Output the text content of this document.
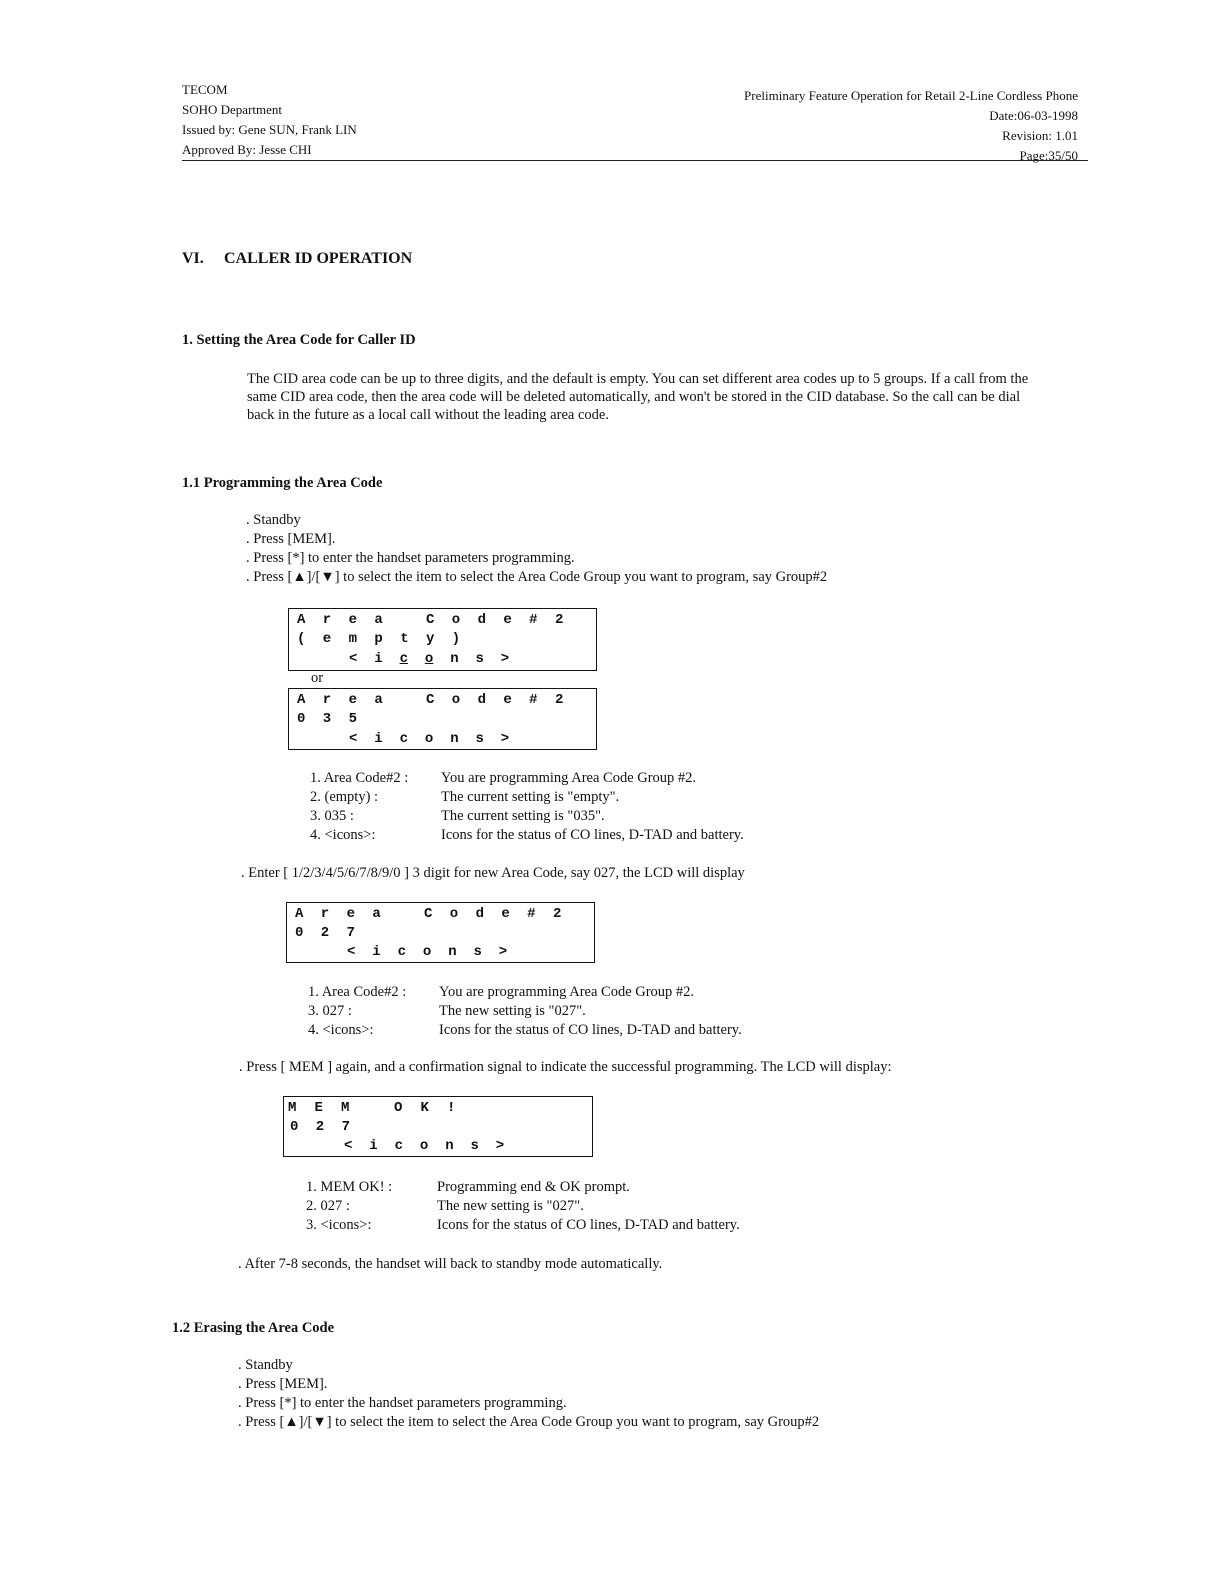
TECOM
SOHO Department
Issued by: Gene SUN, Frank LIN
Approved By: Jesse CHI
Preliminary Feature Operation for Retail 2-Line Cordless Phone
Date:06-03-1998
Revision: 1.01
Page:35/50
VI. CALLER ID OPERATION
1. Setting the Area Code for Caller ID
The CID area code can be up to three digits, and the default is empty. You can set different area codes up to 5 groups. If a call from the same CID area code, then the area code will be deleted automatically, and won't be stored in the CID database. So the call can be dial back in the future as a local call without the leading area code.
1.1 Programming the Area Code
. Standby
. Press [MEM].
. Press [*] to enter the handset parameters programming.
. Press [▲]/[▼] to select the item to select the Area Code Group you want to program, say Group#2
A r e a	C o d e # 2
( e m p t y )
< i c o n s >
or
A r e a	C o d e # 2
0 3 5
< i c o n s >
1. Area Code#2 : You are programming Area Code Group #2.
2. (empty) :	The current setting is "empty".
3. 035 :	The current setting is "035".
4. <icons>:	Icons for the status of CO lines, D-TAD and battery.
. Enter [ 1/2/3/4/5/6/7/8/9/0 ] 3 digit for new Area Code, say 027, the LCD will display
A r e a	C o d e # 2
0 2 7
< i c o n s >
1. Area Code#2 : You are programming Area Code Group #2.
3. 027 :	The new setting is "027".
4. <icons>:	Icons for the status of CO lines, D-TAD and battery.
. Press [ MEM ] again, and a confirmation signal to indicate the successful programming. The LCD will display:
M E M	O K !
0 2 7
< i c o n s >
1. MEM OK! :	Programming end & OK prompt.
2. 027 :	The new setting is "027".
3. <icons>:	Icons for the status of CO lines, D-TAD and battery.
. After 7-8 seconds, the handset will back to standby mode automatically.
1.2 Erasing the Area Code
. Standby
. Press [MEM].
. Press [*] to enter the handset parameters programming.
. Press [▲]/[▼] to select the item to select the Area Code Group you want to program, say Group#2
